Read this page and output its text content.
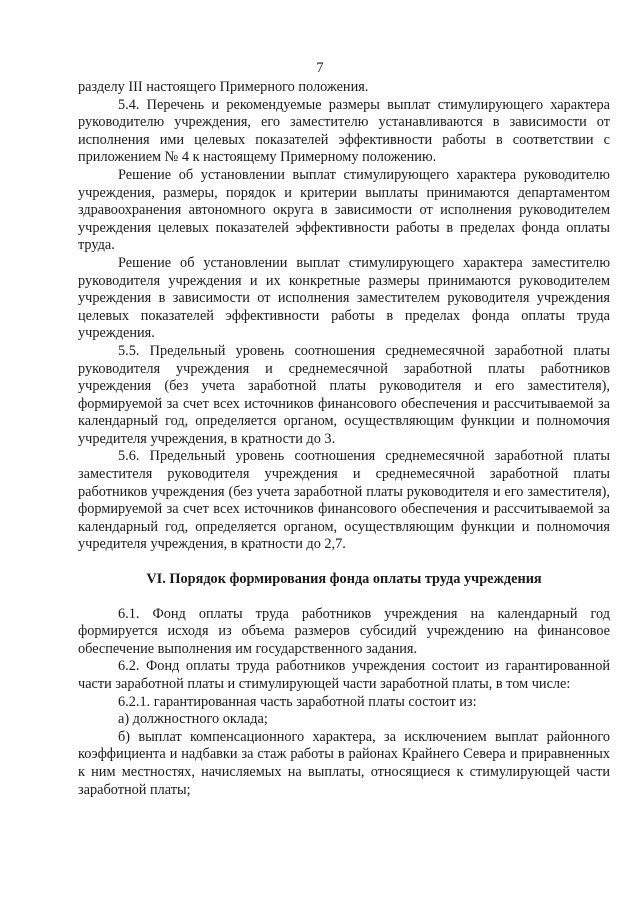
7

разделу III настоящего Примерного положения.

5.4. Перечень и рекомендуемые размеры выплат стимулирующего характера руководителю учреждения, его заместителю устанавливаются в зависимости от исполнения ими целевых показателей эффективности работы в соответствии с приложением № 4 к настоящему Примерному положению.

Решение об установлении выплат стимулирующего характера руководителю учреждения, размеры, порядок и критерии выплаты принимаются департаментом здравоохранения автономного округа в зависимости от исполнения руководителем учреждения целевых показателей эффективности работы в пределах фонда оплаты труда.

Решение об установлении выплат стимулирующего характера заместителю руководителя учреждения и их конкретные размеры принимаются руководителем учреждения в зависимости от исполнения заместителем руководителя учреждения целевых показателей эффективности работы в пределах фонда оплаты труда учреждения.

5.5. Предельный уровень соотношения среднемесячной заработной платы руководителя учреждения и среднемесячной заработной платы работников учреждения (без учета заработной платы руководителя и его заместителя), формируемой за счет всех источников финансового обеспечения и рассчитываемой за календарный год, определяется органом, осуществляющим функции и полномочия учредителя учреждения, в кратности до 3.

5.6. Предельный уровень соотношения среднемесячной заработной платы заместителя руководителя учреждения и среднемесячной заработной платы работников учреждения (без учета заработной платы руководителя и его заместителя), формируемой за счет всех источников финансового обеспечения и рассчитываемой за календарный год, определяется органом, осуществляющим функции и полномочия учредителя учреждения, в кратности до 2,7.

VI. Порядок формирования фонда оплаты труда учреждения

6.1. Фонд оплаты труда работников учреждения на календарный год формируется исходя из объема размеров субсидий учреждению на финансовое обеспечение выполнения им государственного задания.

6.2. Фонд оплаты труда работников учреждения состоит из гарантированной части заработной платы и стимулирующей части заработной платы, в том числе:

6.2.1. гарантированная часть заработной платы состоит из:

а) должностного оклада;

б) выплат компенсационного характера, за исключением выплат районного коэффициента и надбавки за стаж работы в районах Крайнего Севера и приравненных к ним местностях, начисляемых на выплаты, относящиеся к стимулирующей части заработной платы;
